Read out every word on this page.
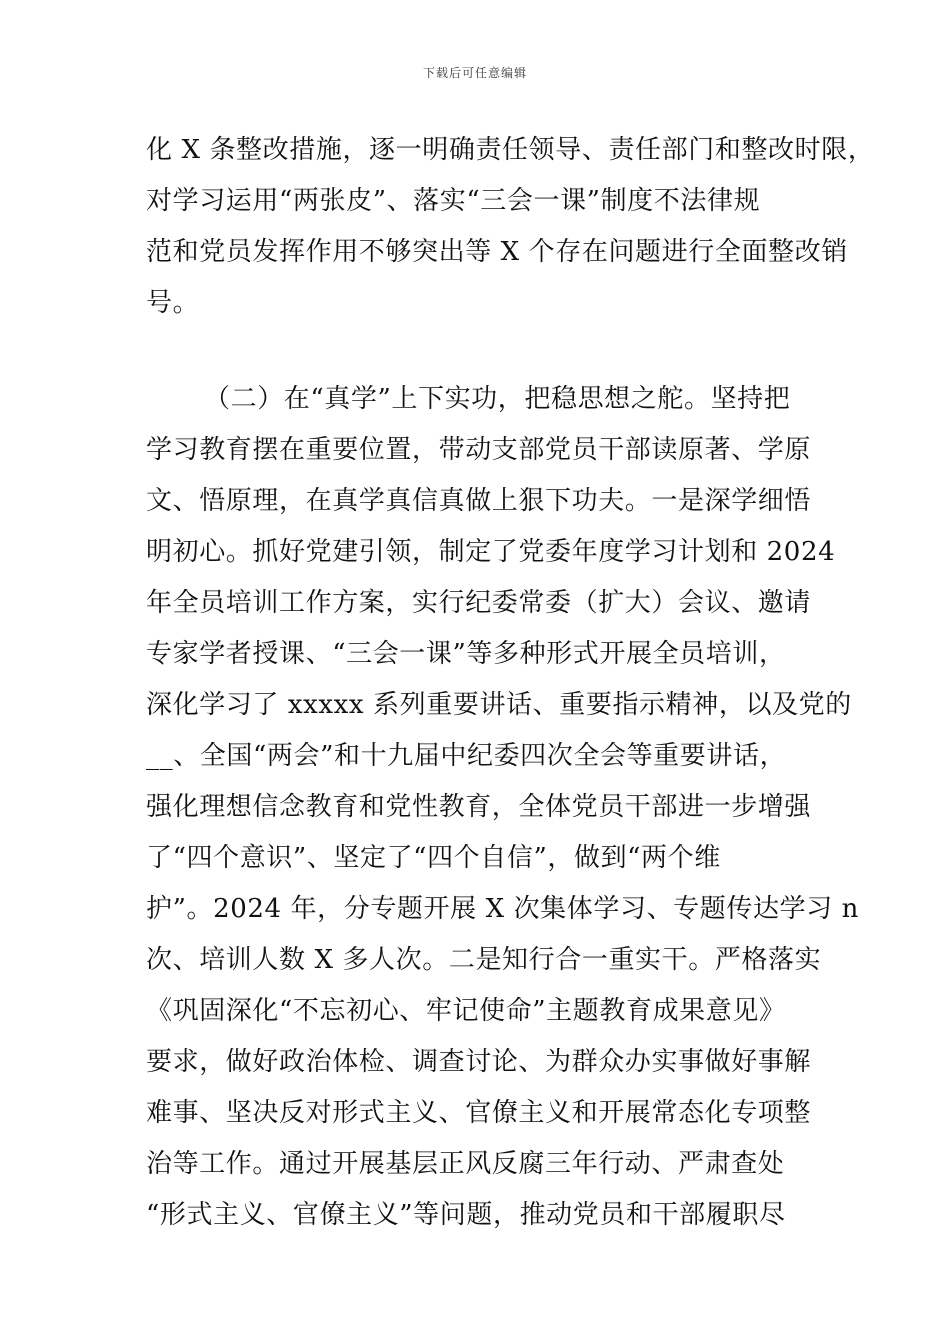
下载后可任意编辑
化 X 条整改措施，逐一明确责任领导、责任部门和整改时限，
对学习运用“两张皮”、落实“三会一课”制度不法律规
范和党员发挥作用不够突出等 X 个存在问题进行全面整改销
号。
（二）在“真学”上下实功，把稳思想之舵。坚持把
学习教育摆在重要位置，带动支部党员干部读原著、学原
文、悟原理，在真学真信真做上狠下功夫。一是深学细悟
明初心。抓好党建引领，制定了党委年度学习计划和 2024
年全员培训工作方案，实行纪委常委（扩大）会议、邀请
专家学者授课、“三会一课”等多种形式开展全员培训，
深化学习了 xxxxx 系列重要讲话、重要指示精神，以及党的
__、全国“两会”和十九届中纪委四次全会等重要讲话，
强化理想信念教育和党性教育，全体党员干部进一步增强
了“四个意识”、坚定了“四个自信”，做到“两个维
护”。2024 年，分专题开展 X 次集体学习、专题传达学习 n
次、培训人数 X 多人次。二是知行合一重实干。严格落实
《巩固深化“不忘初心、牢记使命”主题教育成果意见》
要求，做好政治体检、调查讨论、为群众办实事做好事解
难事、坚决反对形式主义、官僚主义和开展常态化专项整
治等工作。通过开展基层正风反腐三年行动、严肃查处
“形式主义、官僚主义”等问题，推动党员和干部履职尽
